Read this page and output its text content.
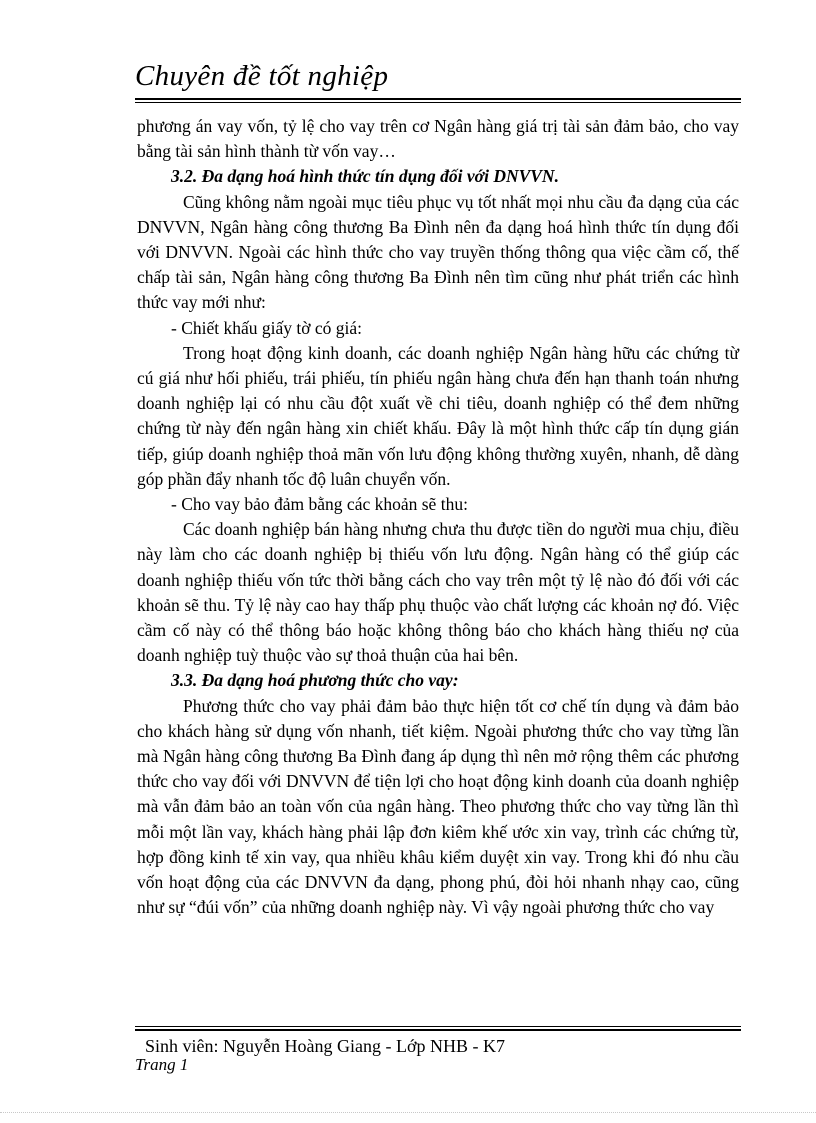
Chuyên đề tốt nghiệp

phương án vay vốn, tỷ lệ cho vay trên cơ Ngân hàng giá trị tài sản đảm bảo, cho vay bằng tài sản hình thành từ vốn vay…

3.2. Đa dạng hoá hình thức tín dụng đối với DNVVN.

Cũng không nằm ngoài mục tiêu phục vụ tốt nhất mọi nhu cầu đa dạng của các DNVVN, Ngân hàng công thương Ba Đình nên đa dạng hoá hình thức tín dụng đối với DNVVN. Ngoài các hình thức cho vay truyền thống thông qua việc cầm cố, thế chấp tài sản, Ngân hàng công thương Ba Đình nên tìm cũng như phát triển các hình thức vay mới như:

- Chiết khấu giấy tờ có giá:

Trong hoạt động kinh doanh, các doanh nghiệp Ngân hàng hữu các chứng từ cú giá như hối phiếu, trái phiếu, tín phiếu ngân hàng chưa đến hạn thanh toán nhưng doanh nghiệp lại có nhu cầu đột xuất về chi tiêu, doanh nghiệp có thể đem những chứng từ này đến ngân hàng xin chiết khấu. Đây là một hình thức cấp tín dụng gián tiếp, giúp doanh nghiệp thoả mãn vốn lưu động không thường xuyên, nhanh, dễ dàng góp phần đẩy nhanh tốc độ luân chuyển vốn.

- Cho vay bảo đảm bằng các khoản sẽ thu:

Các doanh nghiệp bán hàng nhưng chưa thu được tiền do người mua chịu, điều này làm cho các doanh nghiệp bị thiếu vốn lưu động. Ngân hàng có thể giúp các doanh nghiệp thiếu vốn tức thời bằng cách cho vay trên một tỷ lệ nào đó đối với các khoản sẽ thu. Tỷ lệ này cao hay thấp phụ thuộc vào chất lượng các khoản nợ đó. Việc cầm cố này có thể thông báo hoặc không thông báo cho khách hàng thiếu nợ của doanh nghiệp tuỳ thuộc vào sự thoả thuận của hai bên.

3.3. Đa dạng hoá phương thức cho vay:

Phương thức cho vay phải đảm bảo thực hiện tốt cơ chế tín dụng và đảm bảo cho khách hàng sử dụng vốn nhanh, tiết kiệm. Ngoài phương thức cho vay từng lần mà Ngân hàng công thương Ba Đình đang áp dụng thì nên mở rộng thêm các phương thức cho vay đối với DNVVN để tiện lợi cho hoạt động kinh doanh của doanh nghiệp mà vẫn đảm bảo an toàn vốn của ngân hàng. Theo phương thức cho vay từng lần thì mỗi một lần vay, khách hàng phải lập đơn kiêm khế ước xin vay, trình các chứng từ, hợp đồng kinh tế xin vay, qua nhiều khâu kiểm duyệt xin vay. Trong khi đó nhu cầu vốn hoạt động của các DNVVN đa dạng, phong phú, đòi hỏi nhanh nhạy cao, cũng như sự “đúi vốn” của những doanh nghiệp này. Vì vậy ngoài phương thức cho vay

Sinh viên: Nguyễn Hoàng Giang - Lớp NHB - K7
Trang 1
